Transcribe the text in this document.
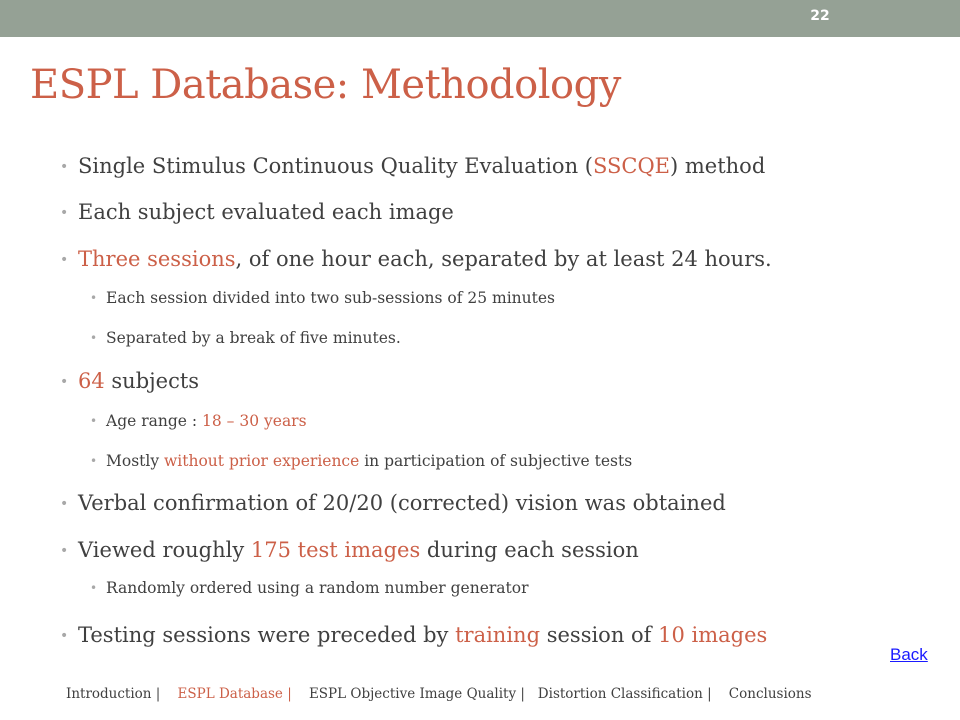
22
ESPL Database: Methodology
• Single Stimulus Continuous Quality Evaluation (SSCQE) method
• Each subject evaluated each image
• Three sessions, of one hour each, separated by at least 24 hours.
• Each session divided into two sub-sessions of 25 minutes
• Separated by a break of five minutes.
• 64 subjects
• Age range : 18 – 30 years
• Mostly without prior experience in participation of subjective tests
• Verbal confirmation of 20/20 (corrected) vision was obtained
• Viewed roughly 175 test images during each session
• Randomly ordered using a random number generator
• Testing sessions were preceded by training session of 10 images
Back
Introduction | ESPL Database | ESPL Objective Image Quality | Distortion Classification | Conclusions
